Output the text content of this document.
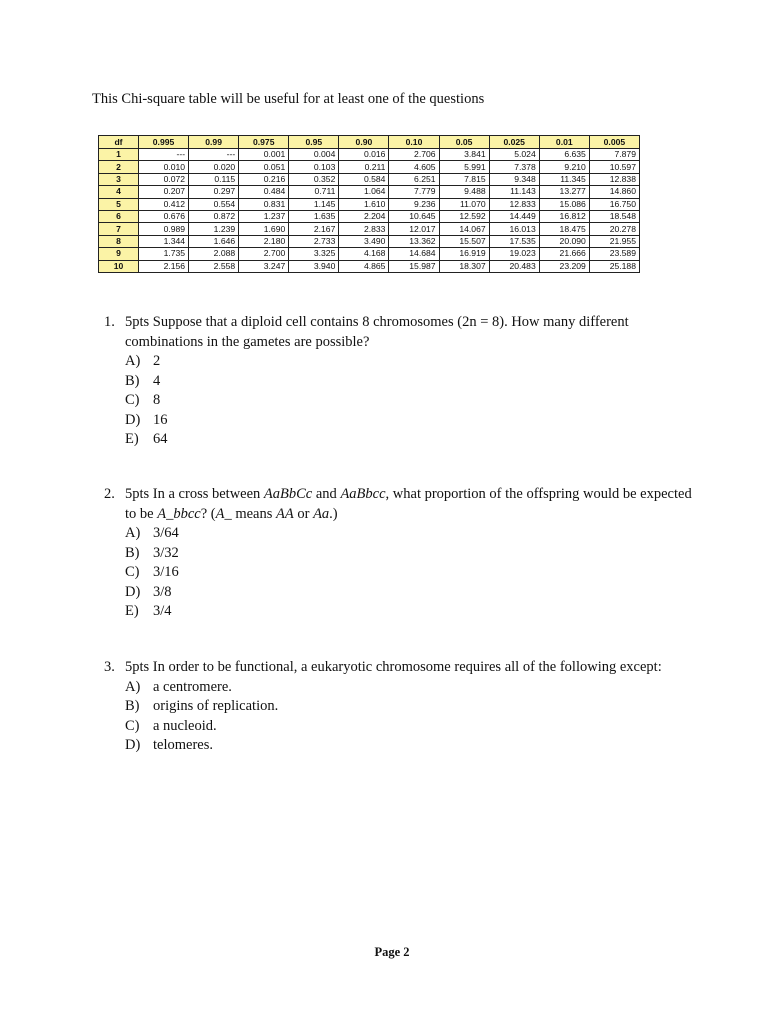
This Chi-square table will be useful for at least one of the questions
df	0.995	0.99	0.975	0.95	0.90	0.10	0.05	0.025	0.01	0.005
1	---	---	0.001	0.004	0.016	2.706	3.841	5.024	6.635	7.879
2	0.010	0.020	0.051	0.103	0.211	4.605	5.991	7.378	9.210	10.597
3	0.072	0.115	0.216	0.352	0.584	6.251	7.815	9.348	11.345	12.838
4	0.207	0.297	0.484	0.711	1.064	7.779	9.488	11.143	13.277	14.860
5	0.412	0.554	0.831	1.145	1.610	9.236	11.070	12.833	15.086	16.750
6	0.676	0.872	1.237	1.635	2.204	10.645	12.592	14.449	16.812	18.548
7	0.989	1.239	1.690	2.167	2.833	12.017	14.067	16.013	18.475	20.278
8	1.344	1.646	2.180	2.733	3.490	13.362	15.507	17.535	20.090	21.955
9	1.735	2.088	2.700	3.325	4.168	14.684	16.919	19.023	21.666	23.589
10	2.156	2.558	3.247	3.940	4.865	15.987	18.307	20.483	23.209	25.188
1. 5pts Suppose that a diploid cell contains 8 chromosomes (2n = 8). How many different combinations in the gametes are possible?
A) 2
B) 4
C) 8
D) 16
E) 64
2. 5pts In a cross between AaBbCc and AaBbcc, what proportion of the offspring would be expected to be A_bbcc? (A_ means AA or Aa.)
A) 3/64
B) 3/32
C) 3/16
D) 3/8
E) 3/4
3. 5pts In order to be functional, a eukaryotic chromosome requires all of the following except:
A) a centromere.
B) origins of replication.
C) a nucleoid.
D) telomeres.
Page 2
